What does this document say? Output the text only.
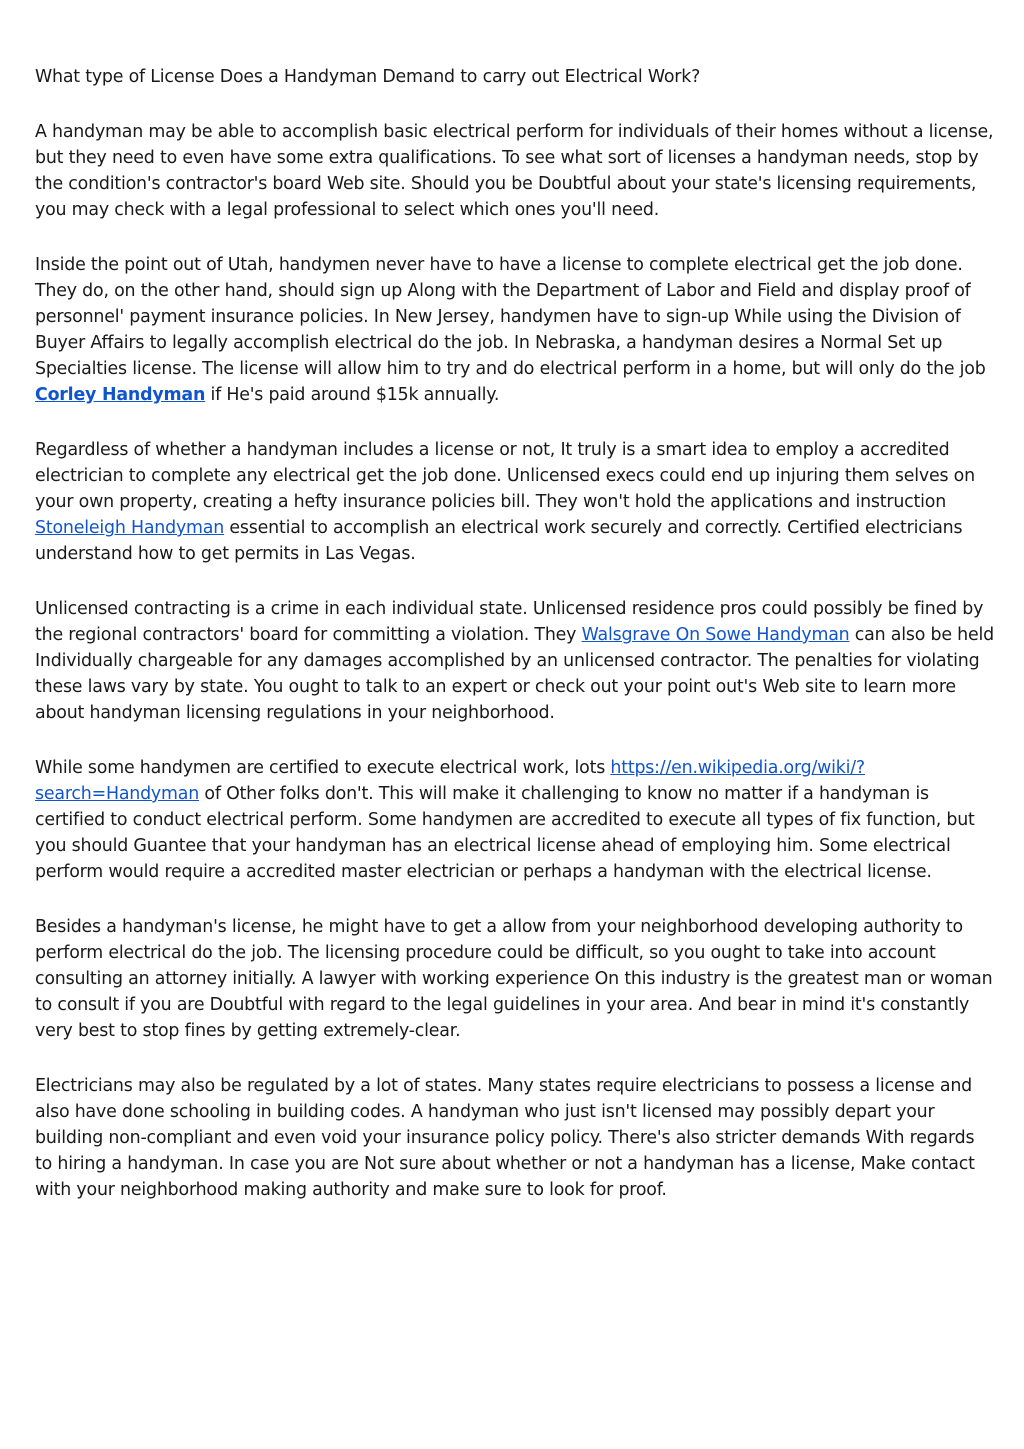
What type of License Does a Handyman Demand to carry out Electrical Work?

A handyman may be able to accomplish basic electrical perform for individuals of their homes without a license, but they need to even have some extra qualifications. To see what sort of licenses a handyman needs, stop by the condition's contractor's board Web site. Should you be Doubtful about your state's licensing requirements, you may check with a legal professional to select which ones you'll need.

Inside the point out of Utah, handymen never have to have a license to complete electrical get the job done. They do, on the other hand, should sign up Along with the Department of Labor and Field and display proof of personnel' payment insurance policies. In New Jersey, handymen have to sign-up While using the Division of Buyer Affairs to legally accomplish electrical do the job. In Nebraska, a handyman desires a Normal Set up Specialties license. The license will allow him to try and do electrical perform in a home, but will only do the job Corley Handyman if He's paid around $15k annually.

Regardless of whether a handyman includes a license or not, It truly is a smart idea to employ a accredited electrician to complete any electrical get the job done. Unlicensed execs could end up injuring them selves on your own property, creating a hefty insurance policies bill. They won't hold the applications and instruction Stoneleigh Handyman essential to accomplish an electrical work securely and correctly. Certified electricians understand how to get permits in Las Vegas.

Unlicensed contracting is a crime in each individual state. Unlicensed residence pros could possibly be fined by the regional contractors' board for committing a violation. They Walsgrave On Sowe Handyman can also be held Individually chargeable for any damages accomplished by an unlicensed contractor. The penalties for violating these laws vary by state. You ought to talk to an expert or check out your point out's Web site to learn more about handyman licensing regulations in your neighborhood.

While some handymen are certified to execute electrical work, lots https://en.wikipedia.org/wiki/?search=Handyman of Other folks don't. This will make it challenging to know no matter if a handyman is certified to conduct electrical perform. Some handymen are accredited to execute all types of fix function, but you should Guantee that your handyman has an electrical license ahead of employing him. Some electrical perform would require a accredited master electrician or perhaps a handyman with the electrical license.

Besides a handyman's license, he might have to get a allow from your neighborhood developing authority to perform electrical do the job. The licensing procedure could be difficult, so you ought to take into account consulting an attorney initially. A lawyer with working experience On this industry is the greatest man or woman to consult if you are Doubtful with regard to the legal guidelines in your area. And bear in mind it's constantly very best to stop fines by getting extremely-clear.

Electricians may also be regulated by a lot of states. Many states require electricians to possess a license and also have done schooling in building codes. A handyman who just isn't licensed may possibly depart your building non-compliant and even void your insurance policy policy. There's also stricter demands With regards to hiring a handyman. In case you are Not sure about whether or not a handyman has a license, Make contact with your neighborhood making authority and make sure to look for proof.
